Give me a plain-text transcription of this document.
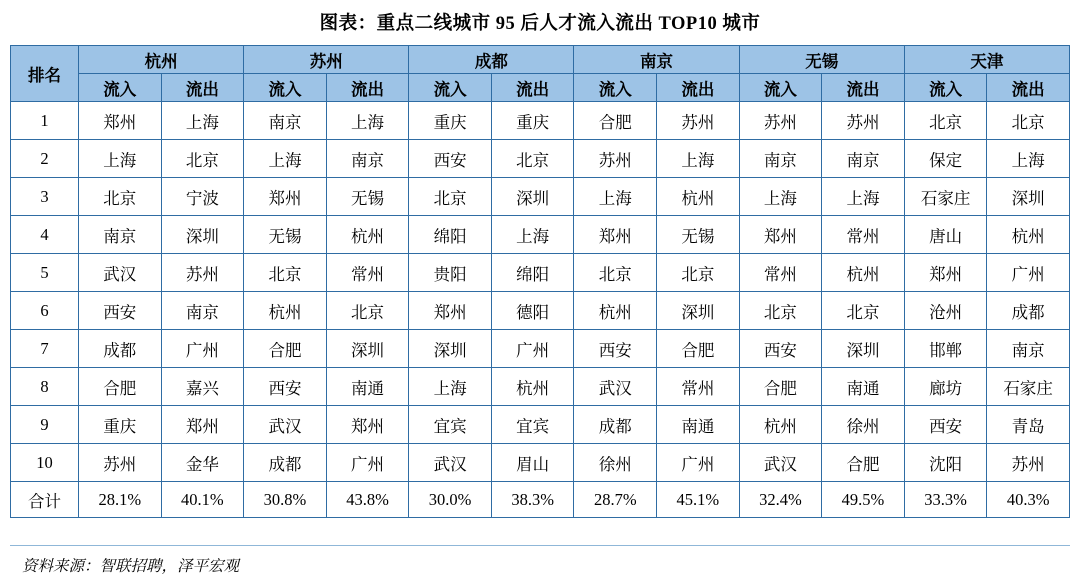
图表：重点二线城市 95 后人才流入流出 TOP10 城市
排名	杭州		苏州		成都		南京		无锡		天津	
	流入	流出	流入	流出	流入	流出	流入	流出	流入	流出	流入	流出
1	郑州	上海	南京	上海	重庆	重庆	合肥	苏州	苏州	苏州	北京	北京
2	上海	北京	上海	南京	西安	北京	苏州	上海	南京	南京	保定	上海
3	北京	宁波	郑州	无锡	北京	深圳	上海	杭州	上海	上海	石家庄	深圳
4	南京	深圳	无锡	杭州	绵阳	上海	郑州	无锡	郑州	常州	唐山	杭州
5	武汉	苏州	北京	常州	贵阳	绵阳	北京	北京	常州	杭州	郑州	广州
6	西安	南京	杭州	北京	郑州	德阳	杭州	深圳	北京	北京	沧州	成都
7	成都	广州	合肥	深圳	深圳	广州	西安	合肥	西安	深圳	邯郸	南京
8	合肥	嘉兴	西安	南通	上海	杭州	武汉	常州	合肥	南通	廊坊	石家庄
9	重庆	郑州	武汉	郑州	宜宾	宜宾	成都	南通	杭州	徐州	西安	青岛
10	苏州	金华	成都	广州	武汉	眉山	徐州	广州	武汉	合肥	沈阳	苏州
合计	28.1%	40.1%	30.8%	43.8%	30.0%	38.3%	28.7%	45.1%	32.4%	49.5%	33.3%	40.3%
资料来源：智联招聘，泽平宏观
